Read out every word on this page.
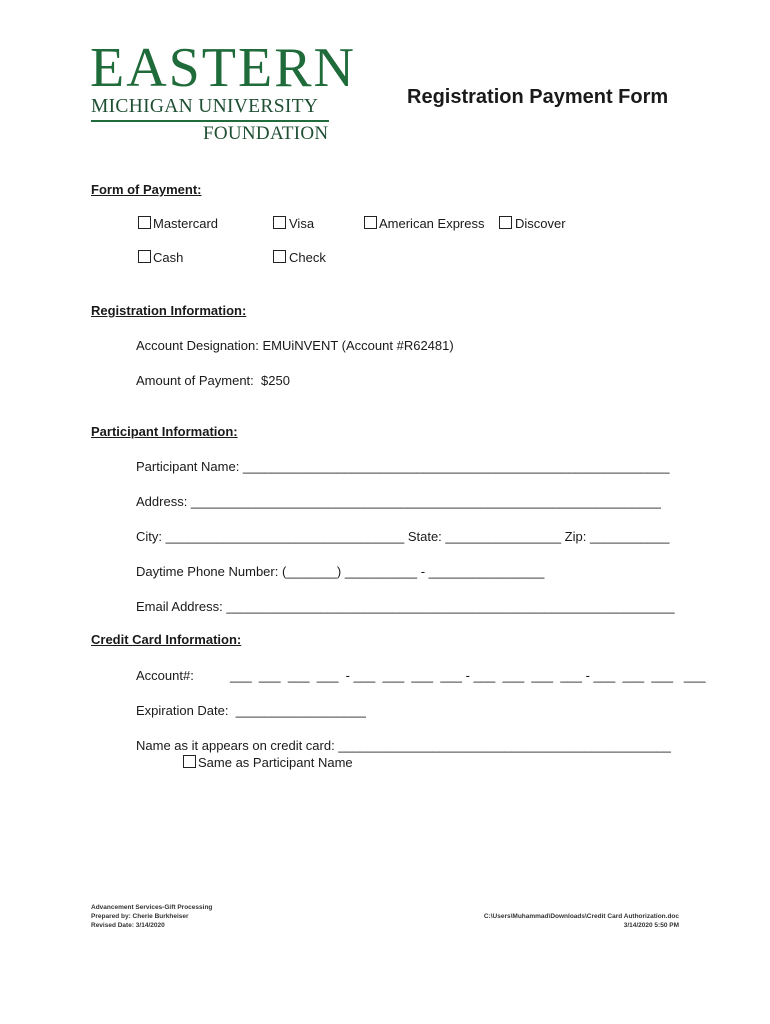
EASTERN
MICHIGAN UNIVERSITY
FOUNDATION
Registration Payment Form
Form of Payment:
Mastercard	Visa	American Express Discover
Cash	Check
Registration Information:
Account Designation: EMUiNVENT (Account #R62481)
Amount of Payment:  $250
Participant Information:
Participant Name: ___________________________________________________________
Address: _________________________________________________________________
City: _________________________________ State: ________________ Zip: ___________
Daytime Phone Number: (_______) __________ - ________________
Email Address: ______________________________________________________________
Credit Card Information:
Account#:	___  ___  ___  ___  - ___  ___  ___  ___ - ___  ___  ___  ___ - ___  ___  ___   ___
Expiration Date:  __________________
Name as it appears on credit card: ______________________________________________
Same as Participant Name
Advancement Services-Gift Processing
Prepared by: Cherie Burkheiser
Revised Date: 3/14/2020
C:\Users\Muhammad\Downloads\Credit Card Authorization.doc
3/14/2020 5:50 PM
